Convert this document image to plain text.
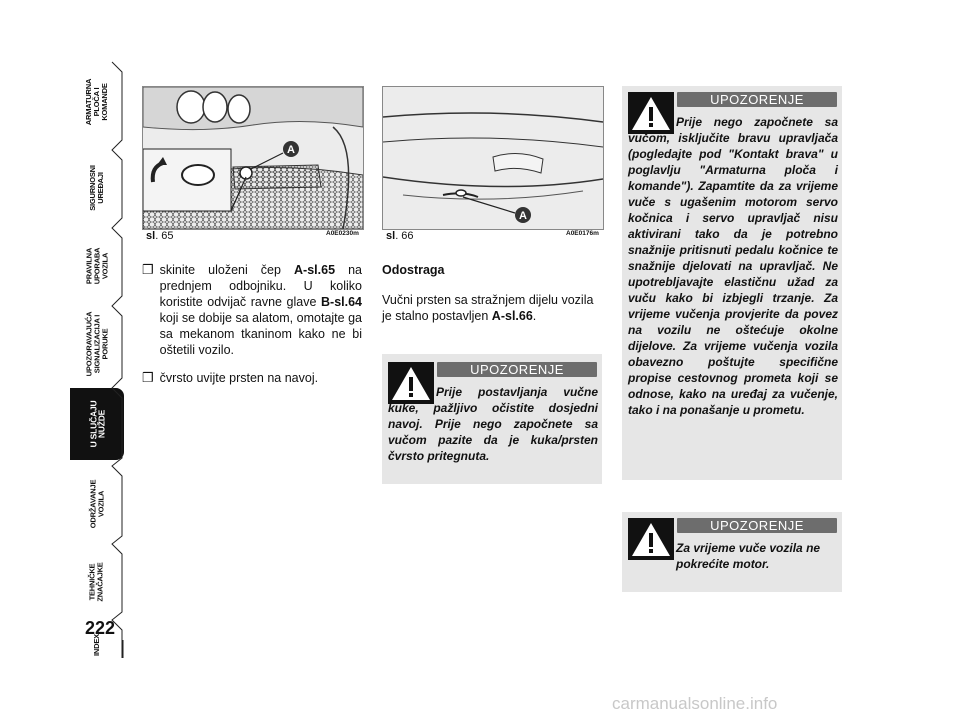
ARMATURNA
PLOČA I
KOMANDE
SIGURNOSNI
UREĐAJI
PRAVILNA
UPORABA
VOZILA
UPOZORAVAJUĆA
SIGNALIZACIJA I
PORUKE
U SLUČAJU
NUŽDE
ODRŽAVANJE
VOZILA
TEHNIČKE
ZNAČAJKE
INDEX
222
A
sl. 65	A0E0230m
A
sl. 66	A0E0176m
❒ skinite uloženi čep A-sl.65 na prednjem odbojniku. U koliko koristite odvijač ravne glave B-sl.64 koji se dobije sa alatom, omotajte ga sa mekanom tkaninom kako ne bi oštetili vozilo.
❒ čvrsto uvijte prsten na navoj.
Odostraga
Vučni prsten sa stražnjem dijelu vozila je stalno postavljen A-sl.66.
UPOZORENJE
Prije postavljanja vučne kuke, pažljivo očistite dosjedni navoj. Prije nego započnete sa vučom pazite da je kuka/prsten čvrsto pritegnuta.
UPOZORENJE
Prije nego započnete sa vučom, isključite bravu upravljača (pogledajte pod "Kontakt brava" u poglavlju "Armaturna ploča i komande"). Zapamtite da za vrijeme vuče s ugašenim motorom servo kočnica i servo upravljač nisu aktivirani tako da je potrebno snažnije pritisnuti pedalu kočnice te snažnije djelovati na upravljač. Ne upotrebljavajte elastičnu užad za vuču kako bi izbjegli trzanje. Za vrijeme vučenja provjerite da povez na vozilu ne oštećuje okolne dijelove. Za vrijeme vučenja vozila obavezno poštujte specifične propise cestovnog prometa koji se odnose, kako na uređaj za vučenje, tako i na ponašanje u prometu.
UPOZORENJE
Za vrijeme vuče vozila ne pokrećite motor.
carmanualsonline.info
